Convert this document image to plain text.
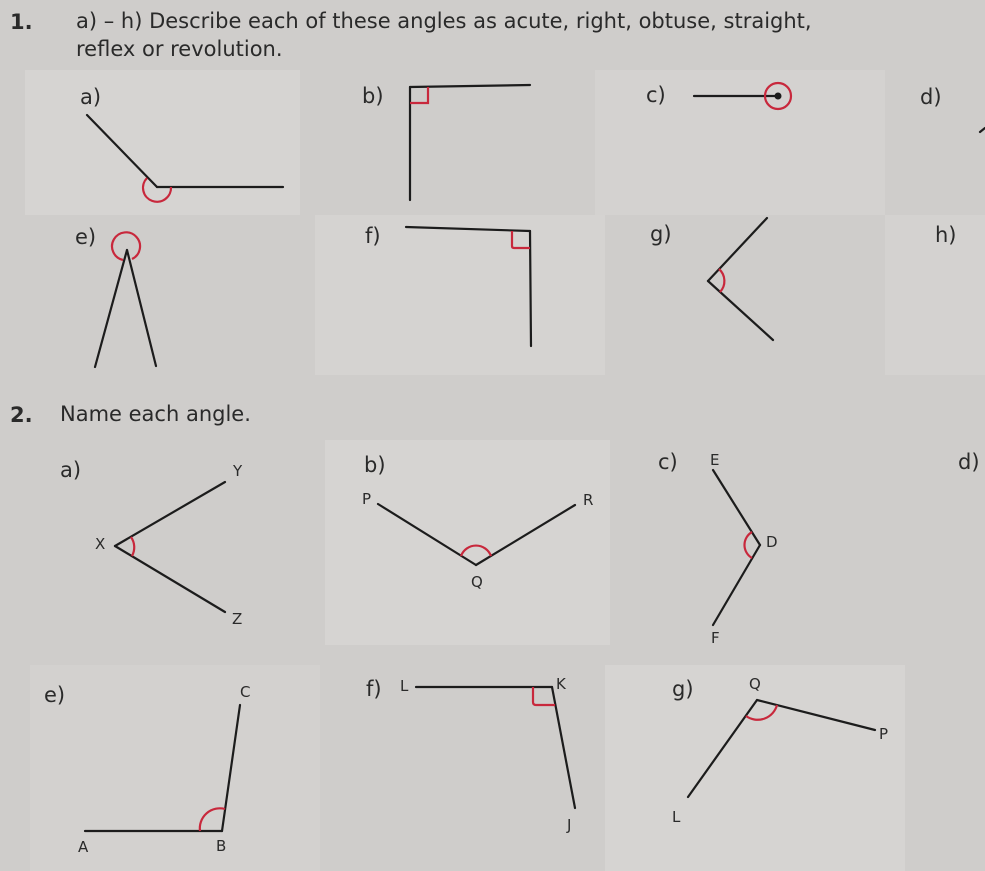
1. a) – h) Describe each of these angles as acute, right, obtuse, straight,
reflex or revolution.
a)	b)	c)	d)
e)	f)	g)	h)
2. Name each angle.
a)	b)	c)	d)
e)	f)	g)
Y
X
Z
P	R
Q
E
D
F
C
A	B
L	K
J
Q
P
L
